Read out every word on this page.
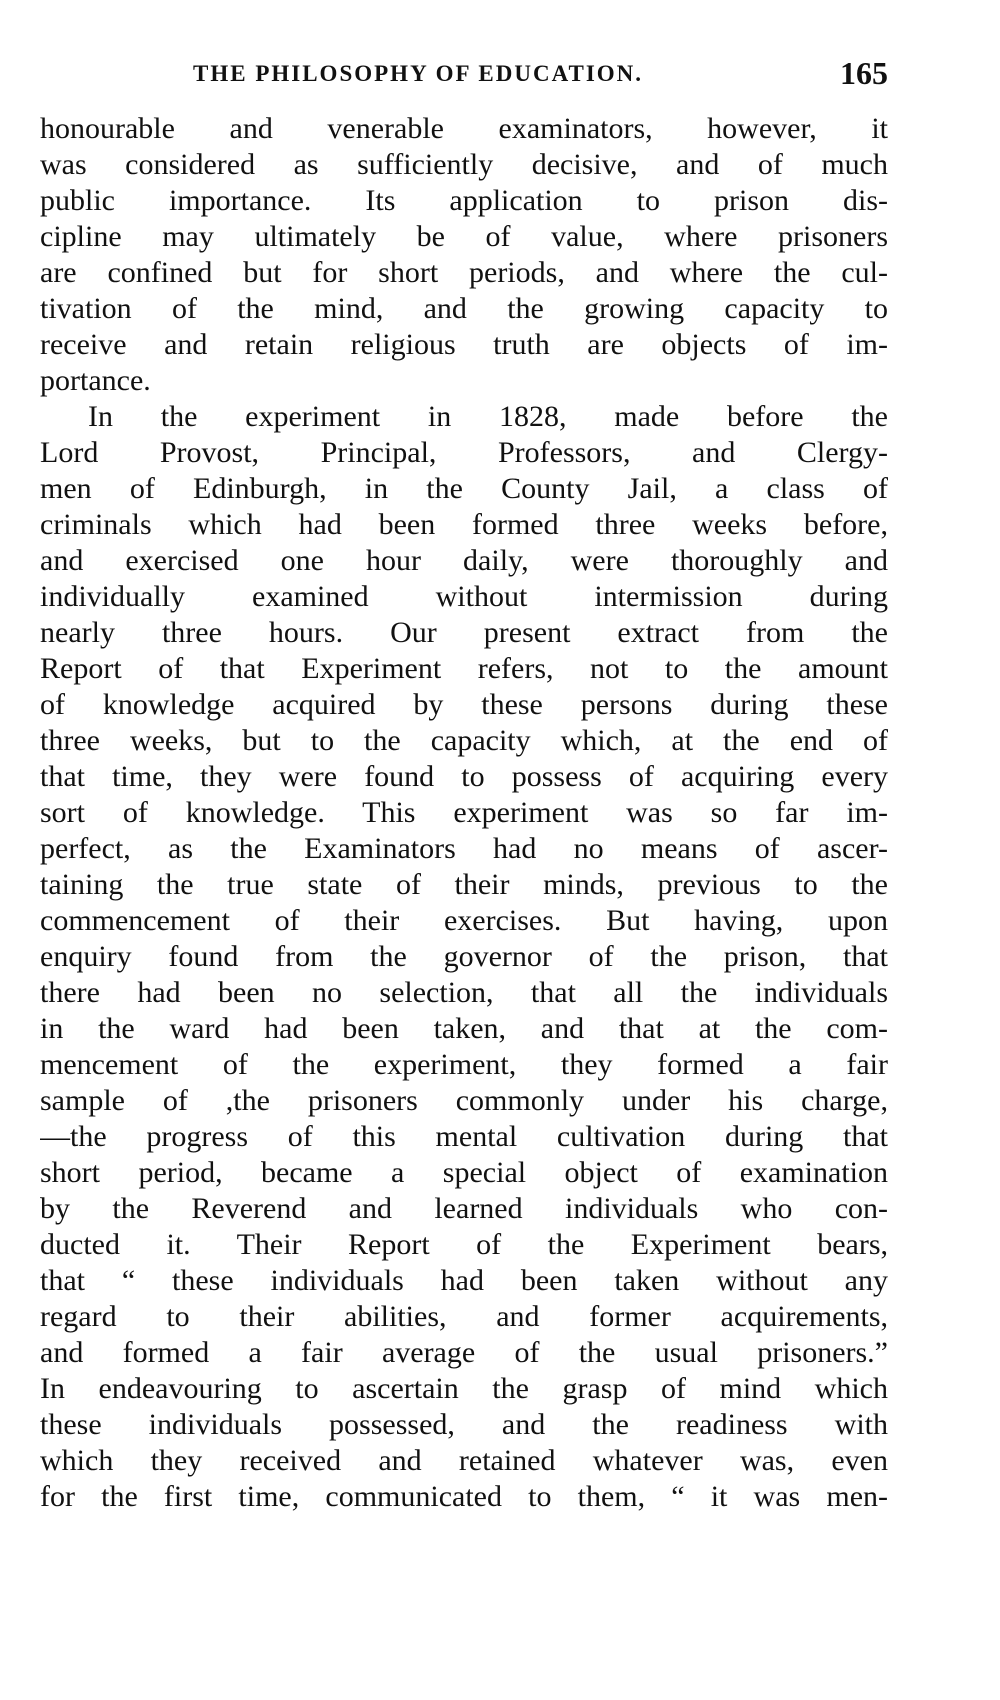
THE PHILOSOPHY OF EDUCATION.	165
honourable and venerable examinators, however, it
was considered as sufficiently decisive, and of much
public importance. Its application to prison dis-
cipline may ultimately be of value, where prisoners
are confined but for short periods, and where the cul-
tivation of the mind, and the growing capacity to
receive and retain religious truth are objects of im-
portance.
In the experiment in 1828, made before the
Lord Provost, Principal, Professors, and Clergy-
men of Edinburgh, in the County Jail, a class of
criminals which had been formed three weeks before,
and exercised one hour daily, were thoroughly and
individually examined without intermission during
nearly three hours. Our present extract from the
Report of that Experiment refers, not to the amount
of knowledge acquired by these persons during these
three weeks, but to the capacity which, at the end of
that time, they were found to possess of acquiring every
sort of knowledge. This experiment was so far im-
perfect, as the Examinators had no means of ascer-
taining the true state of their minds, previous to the
commencement of their exercises. But having, upon
enquiry found from the governor of the prison, that
there had been no selection, that all the individuals
in the ward had been taken, and that at the com-
mencement of the experiment, they formed a fair
sample of ,the prisoners commonly under his charge,
—the progress of this mental cultivation during that
short period, became a special object of examination
by the Reverend and learned individuals who con-
ducted it. Their Report of the Experiment bears,
that “ these individuals had been taken without any
regard to their abilities, and former acquirements,
and formed a fair average of the usual prisoners.”
In endeavouring to ascertain the grasp of mind which
these individuals possessed, and the readiness with
which they received and retained whatever was, even
for the first time, communicated to them, “ it was men-
